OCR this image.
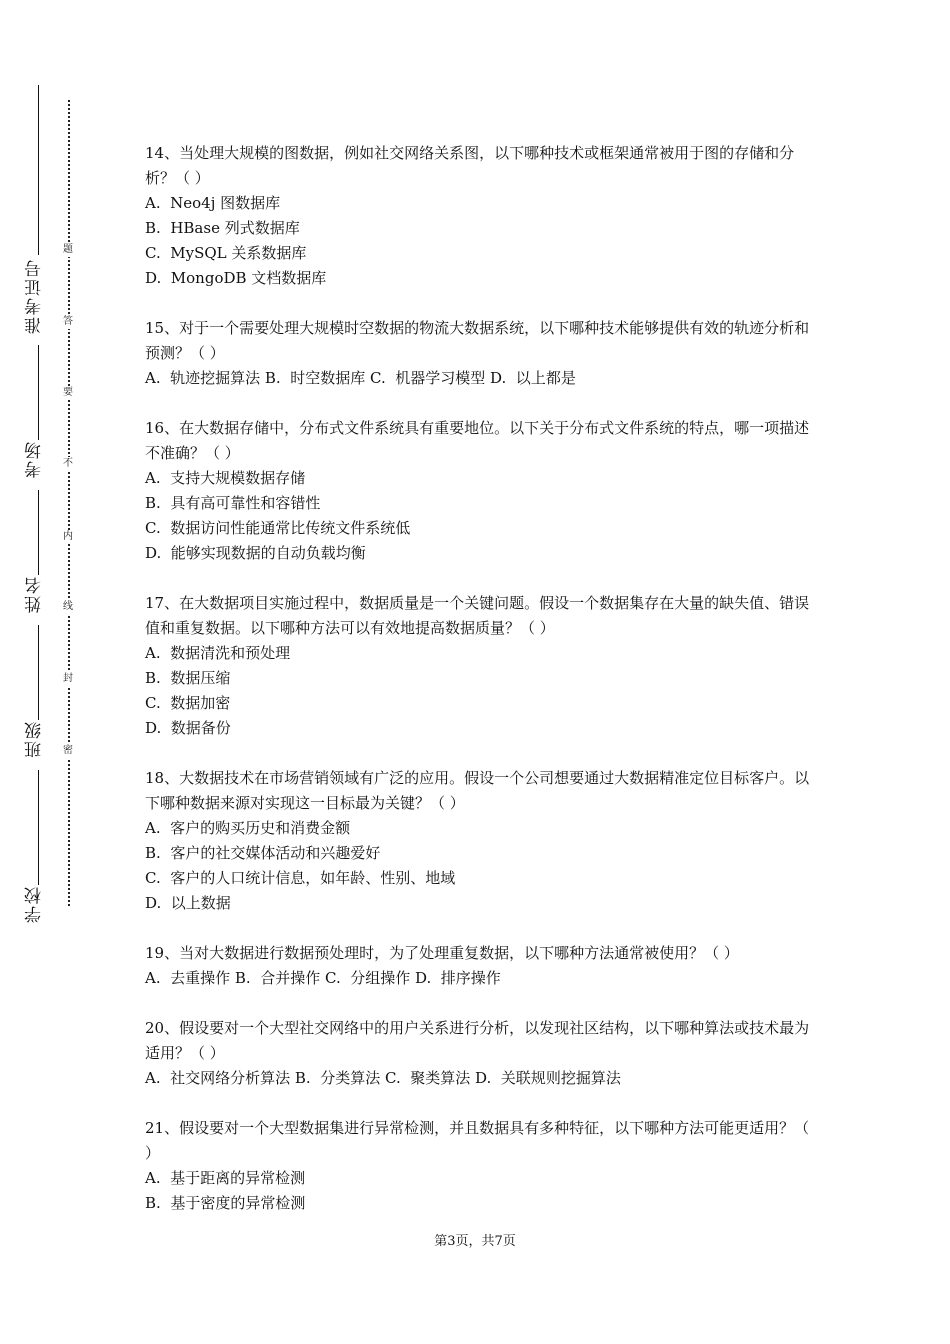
准考证号
考场
姓名
班级
学校
题
答
要
不
内
线
封
密

14、当处理大规模的图数据，例如社交网络关系图，以下哪种技术或框架通常被用于图的存储和分析？（ ）

A.  Neo4j 图数据库

B.  HBase 列式数据库

C.  MySQL 关系数据库

D.  MongoDB 文档数据库

15、对于一个需要处理大规模时空数据的物流大数据系统，以下哪种技术能够提供有效的轨迹分析和预测？（ ）

A.  轨迹挖掘算法 B.  时空数据库 C.  机器学习模型 D.  以上都是

16、在大数据存储中，分布式文件系统具有重要地位。以下关于分布式文件系统的特点，哪一项描述不准确？（ ）

A.  支持大规模数据存储

B.  具有高可靠性和容错性

C.  数据访问性能通常比传统文件系统低

D.  能够实现数据的自动负载均衡

17、在大数据项目实施过程中，数据质量是一个关键问题。假设一个数据集存在大量的缺失值、错误值和重复数据。以下哪种方法可以有效地提高数据质量？（ ）

A.  数据清洗和预处理

B.  数据压缩

C.  数据加密

D.  数据备份

18、大数据技术在市场营销领域有广泛的应用。假设一个公司想要通过大数据精准定位目标客户。以下哪种数据来源对实现这一目标最为关键？（ ）

A.  客户的购买历史和消费金额

B.  客户的社交媒体活动和兴趣爱好

C.  客户的人口统计信息，如年龄、性别、地域

D.  以上数据

19、当对大数据进行数据预处理时，为了处理重复数据，以下哪种方法通常被使用？（ ）

A.  去重操作 B.  合并操作 C.  分组操作 D.  排序操作

20、假设要对一个大型社交网络中的用户关系进行分析，以发现社区结构，以下哪种算法或技术最为适用？（ ）

A.  社交网络分析算法 B.  分类算法 C.  聚类算法 D.  关联规则挖掘算法

21、假设要对一个大型数据集进行异常检测，并且数据具有多种特征，以下哪种方法可能更适用？（ ）

A.  基于距离的异常检测

B.  基于密度的异常检测

第3页，共7页
